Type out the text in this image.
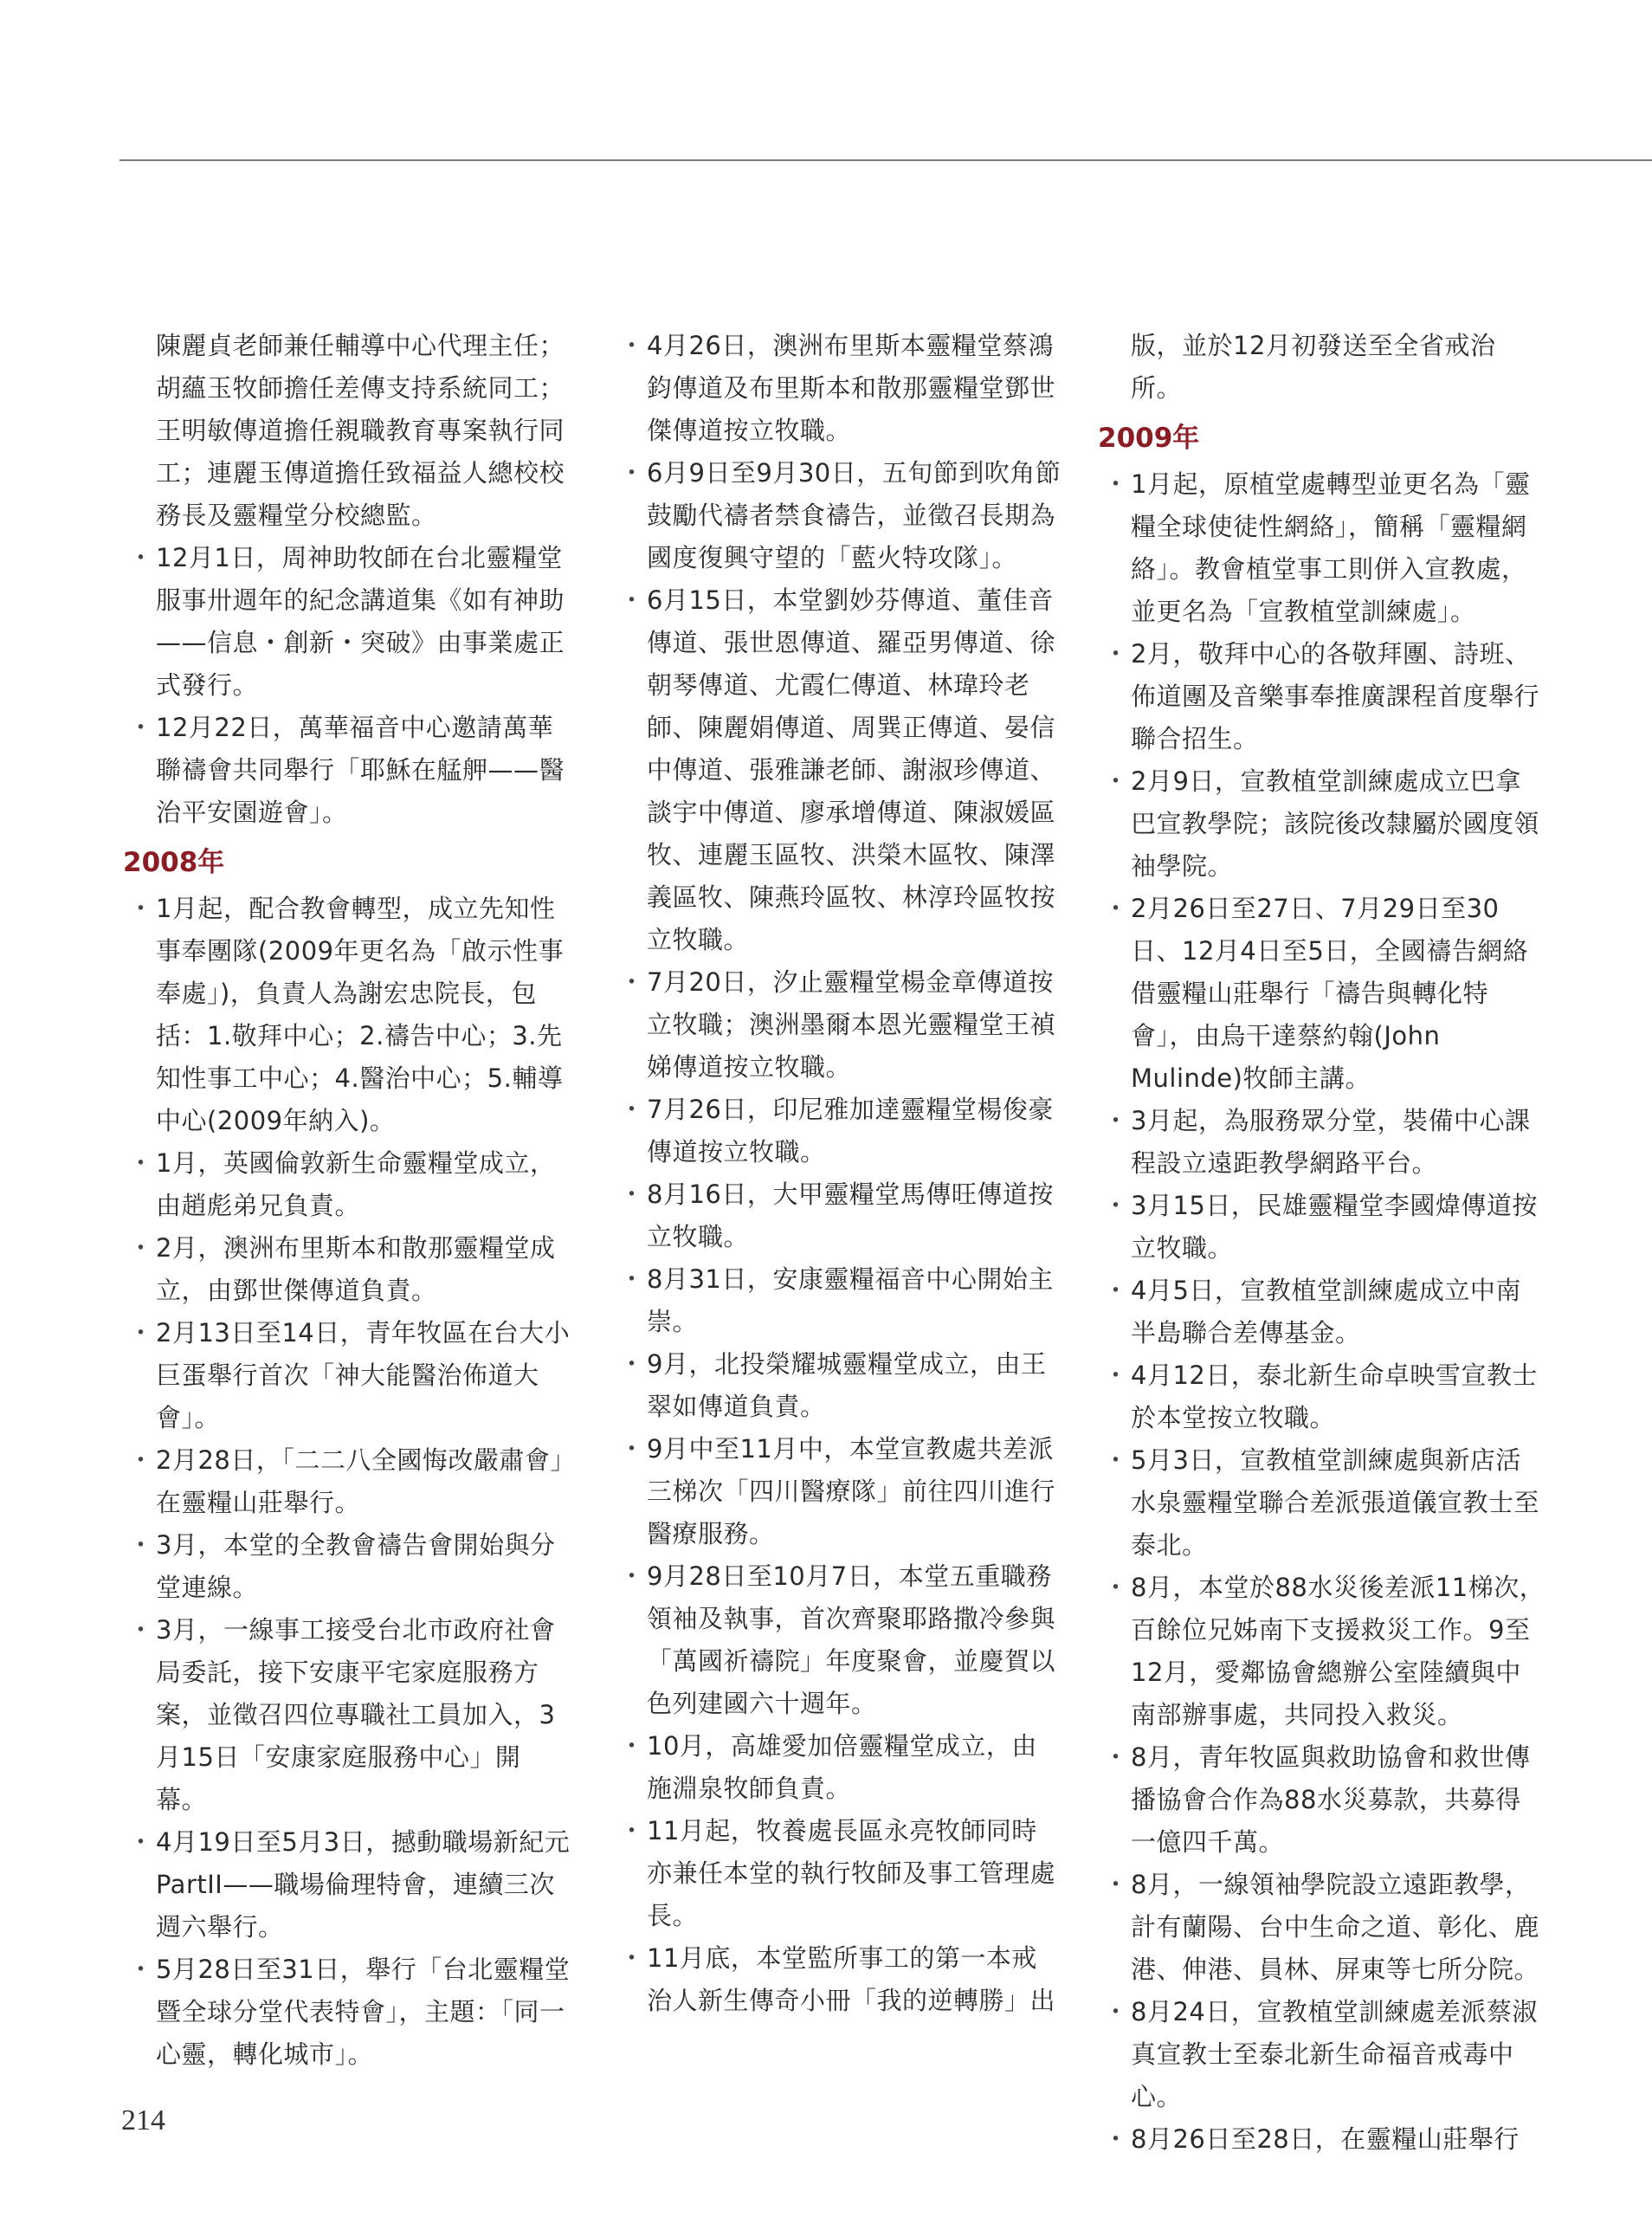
陳麗貞老師兼任輔導中心代理主任；胡蘊玉牧師擔任差傳支持系統同工；王明敏傳道擔任親職教育專案執行同工；連麗玉傳道擔任致福益人總校校務長及靈糧堂分校總監。
・ 12月1日，周神助牧師在台北靈糧堂服事卅週年的紀念講道集《如有神助——信息・創新・突破》由事業處正式發行。
・ 12月22日，萬華福音中心邀請萬華聯禱會共同舉行「耶穌在艋舺——醫治平安園遊會」。
2008年
・ 1月起，配合教會轉型，成立先知性事奉團隊(2009年更名為「啟示性事奉處」)，負責人為謝宏忠院長，包括：1.敬拜中心；2.禱告中心；3.先知性事工中心；4.醫治中心；5.輔導中心(2009年納入)。
・ 1月，英國倫敦新生命靈糧堂成立，由趙彪弟兄負責。
・ 2月，澳洲布里斯本和散那靈糧堂成立，由鄧世傑傳道負責。
・ 2月13日至14日，青年牧區在台大小巨蛋舉行首次「神大能醫治佈道大會」。
・ 2月28日，「二二八全國悔改嚴肅會」在靈糧山莊舉行。
・ 3月，本堂的全教會禱告會開始與分堂連線。
・ 3月，一線事工接受台北市政府社會局委託，接下安康平宅家庭服務方案，並徵召四位專職社工員加入，3月15日「安康家庭服務中心」開幕。
・ 4月19日至5月3日，撼動職場新紀元PartII——職場倫理特會，連續三次週六舉行。
・ 5月28日至31日，舉行「台北靈糧堂暨全球分堂代表特會」，主題：「同一心靈，轉化城市」。
・ 4月26日，澳洲布里斯本靈糧堂蔡鴻鈞傳道及布里斯本和散那靈糧堂鄧世傑傳道按立牧職。
・ 6月9日至9月30日，五旬節到吹角節鼓勵代禱者禁食禱告，並徵召長期為國度復興守望的「藍火特攻隊」。
・ 6月15日，本堂劉妙芬傳道、董佳音傳道、張世恩傳道、羅亞男傳道、徐朝琴傳道、尤霞仁傳道、林瑋玲老師、陳麗娟傳道、周巽正傳道、晏信中傳道、張雅謙老師、謝淑珍傳道、談宇中傳道、廖承增傳道、陳淑媛區牧、連麗玉區牧、洪榮木區牧、陳澤義區牧、陳燕玲區牧、林淳玲區牧按立牧職。
・ 7月20日，汐止靈糧堂楊金章傳道按立牧職；澳洲墨爾本恩光靈糧堂王禎娣傳道按立牧職。
・ 7月26日，印尼雅加達靈糧堂楊俊豪傳道按立牧職。
・ 8月16日，大甲靈糧堂馬傳旺傳道按立牧職。
・ 8月31日，安康靈糧福音中心開始主崇。
・ 9月，北投榮耀城靈糧堂成立，由王翠如傳道負責。
・ 9月中至11月中，本堂宣教處共差派三梯次「四川醫療隊」前往四川進行醫療服務。
・ 9月28日至10月7日，本堂五重職務領袖及執事，首次齊聚耶路撒冷參與「萬國祈禱院」年度聚會，並慶賀以色列建國六十週年。
・ 10月，高雄愛加倍靈糧堂成立，由施淵泉牧師負責。
・ 11月起，牧養處長區永亮牧師同時亦兼任本堂的執行牧師及事工管理處長。
・ 11月底，本堂監所事工的第一本戒治人新生傳奇小冊「我的逆轉勝」出
版，並於12月初發送至全省戒治所。
2009年
・ 1月起，原植堂處轉型並更名為「靈糧全球使徒性網絡」，簡稱「靈糧網絡」。教會植堂事工則併入宣教處，並更名為「宣教植堂訓練處」。
・ 2月，敬拜中心的各敬拜團、詩班、佈道團及音樂事奉推廣課程首度舉行聯合招生。
・ 2月9日，宣教植堂訓練處成立巴拿巴宣教學院；該院後改隸屬於國度領袖學院。
・ 2月26日至27日、7月29日至30日、12月4日至5日，全國禱告網絡借靈糧山莊舉行「禱告與轉化特會」，由烏干達蔡約翰(John Mulinde)牧師主講。
・ 3月起，為服務眾分堂，裝備中心課程設立遠距教學網路平台。
・ 3月15日，民雄靈糧堂李國煒傳道按立牧職。
・ 4月5日，宣教植堂訓練處成立中南半島聯合差傳基金。
・ 4月12日，泰北新生命卓映雪宣教士於本堂按立牧職。
・ 5月3日，宣教植堂訓練處與新店活水泉靈糧堂聯合差派張道儀宣教士至泰北。
・ 8月，本堂於88水災後差派11梯次，百餘位兄姊南下支援救災工作。9至12月，愛鄰協會總辦公室陸續與中南部辦事處，共同投入救災。
・ 8月，青年牧區與救助協會和救世傳播協會合作為88水災募款，共募得一億四千萬。
・ 8月，一線領袖學院設立遠距教學，計有蘭陽、台中生命之道、彰化、鹿港、伸港、員林、屏東等七所分院。
・ 8月24日，宣教植堂訓練處差派蔡淑真宣教士至泰北新生命福音戒毒中心。
・ 8月26日至28日，在靈糧山莊舉行
214
